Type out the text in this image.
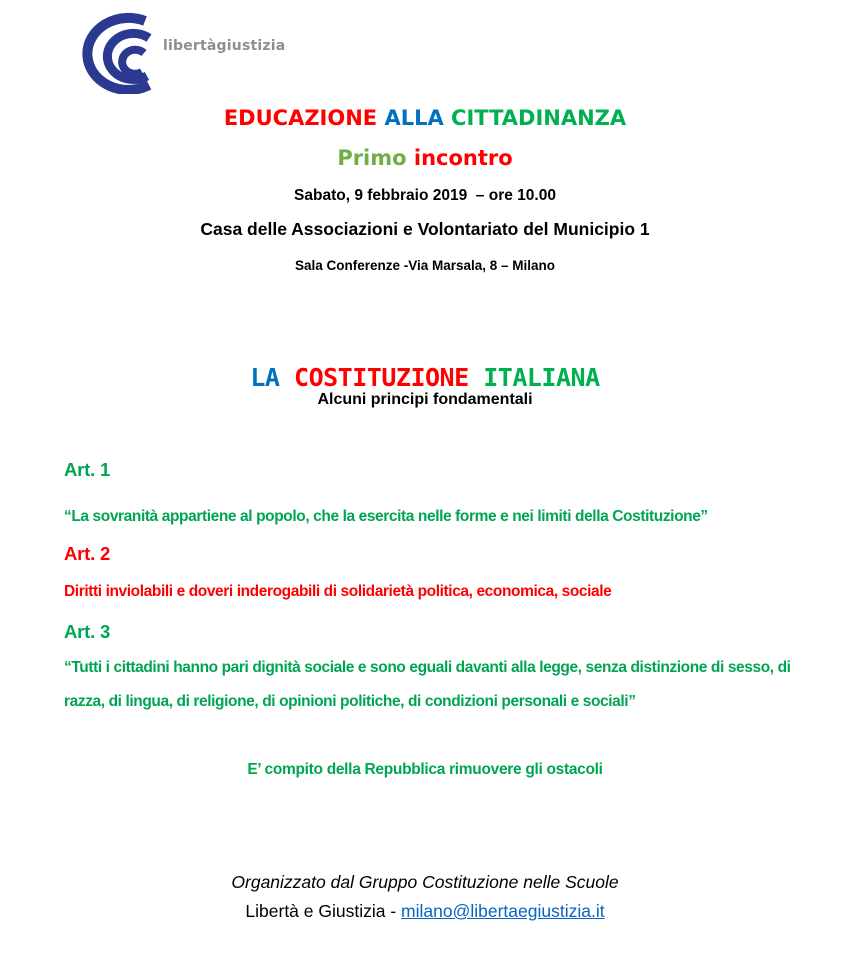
libertàgiustizia
EDUCAZIONE ALLA CITTADINANZA
Primo incontro
Sabato, 9 febbraio 2019  – ore 10.00
Casa delle Associazioni e Volontariato del Municipio 1
Sala Conferenze -Via Marsala, 8 – Milano
LA COSTITUZIONE ITALIANA
Alcuni principi fondamentali
Art. 1
“La sovranità appartiene al popolo, che la esercita nelle forme e nei limiti della Costituzione”
Art. 2
Diritti inviolabili e doveri inderogabili di solidarietà politica, economica, sociale
Art. 3
“Tutti i cittadini hanno pari dignità sociale e sono eguali davanti alla legge, senza distinzione di sesso, di razza, di lingua, di religione, di opinioni politiche, di condizioni personali e sociali”
E’ compito della Repubblica rimuovere gli ostacoli
Organizzato dal Gruppo Costituzione nelle Scuole
Libertà e Giustizia - milano@libertaegiustizia.it
